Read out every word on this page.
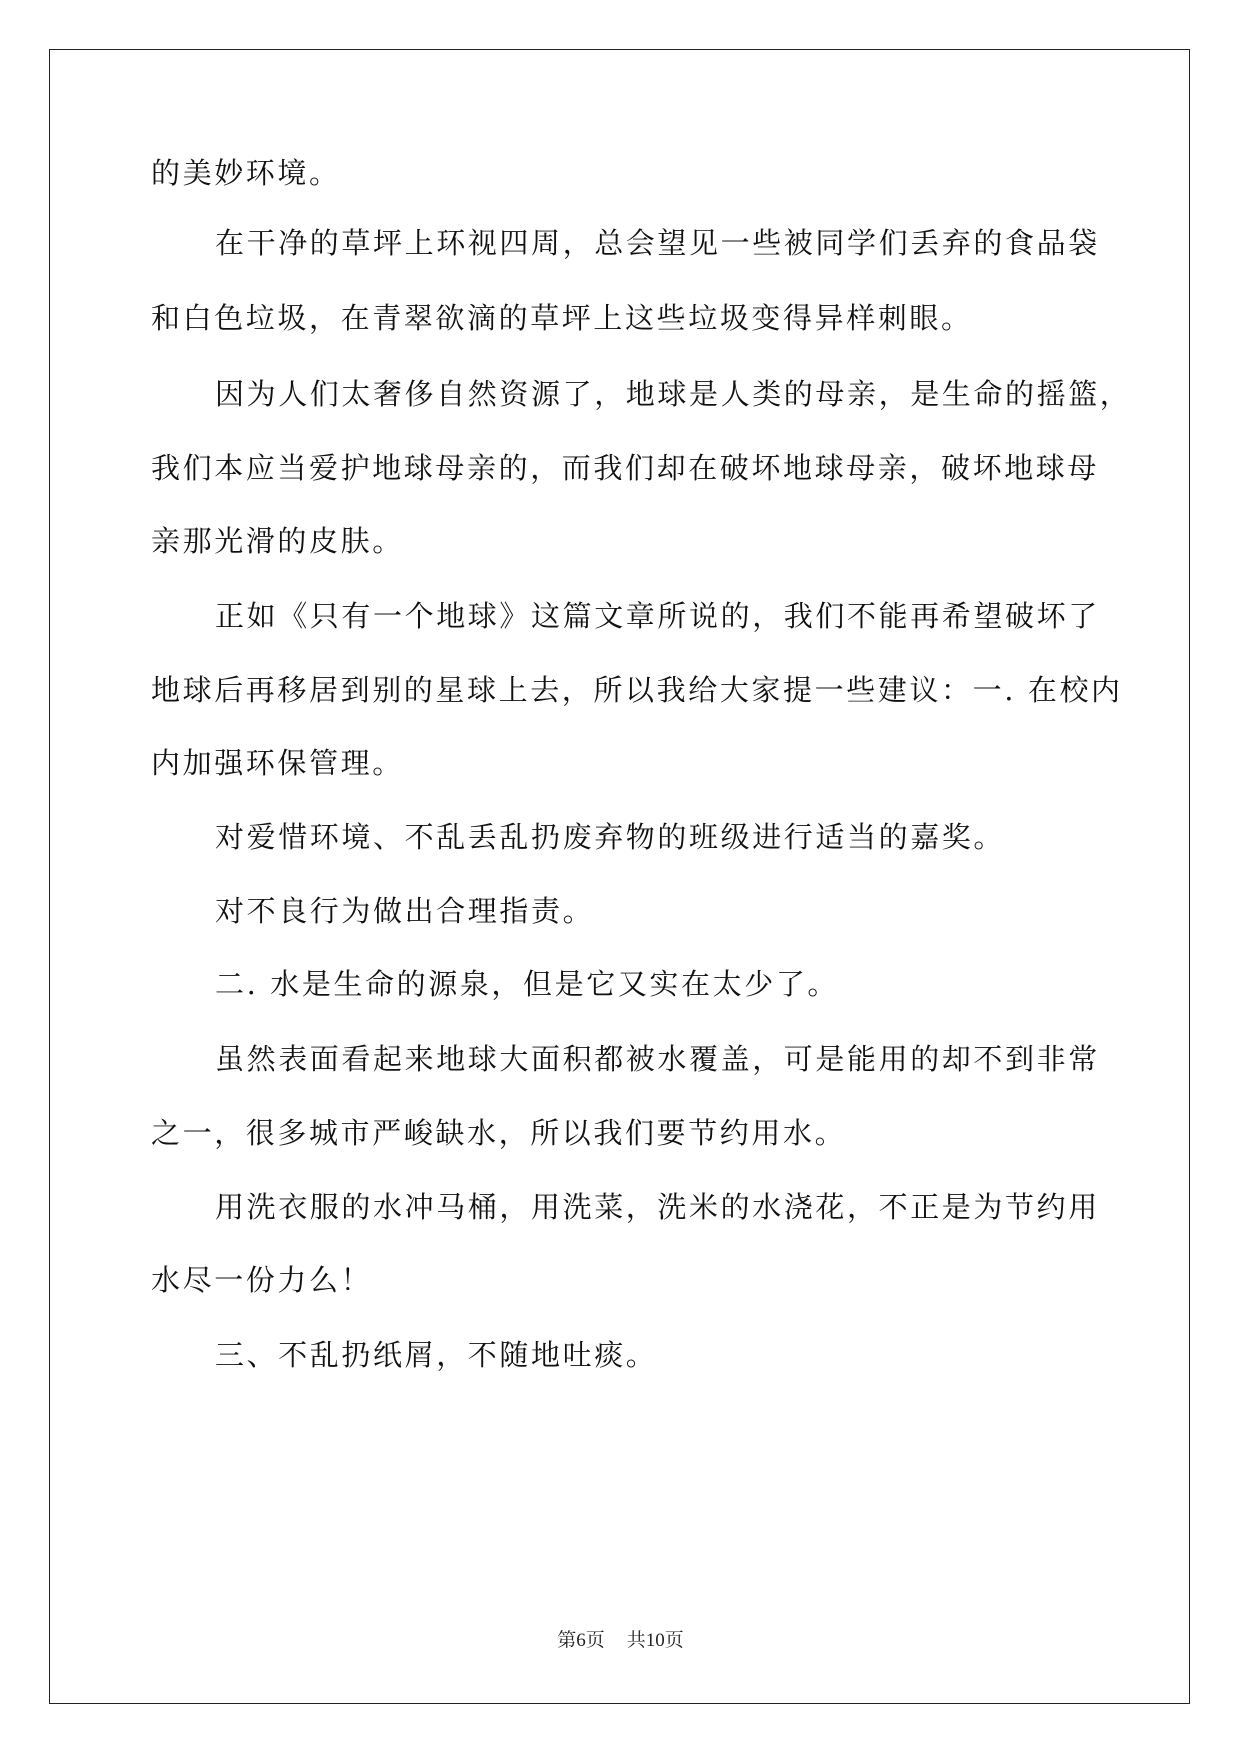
的美妙环境。
在干净的草坪上环视四周，总会望见一些被同学们丢弃的食品袋
和白色垃圾，在青翠欲滴的草坪上这些垃圾变得异样刺眼。
因为人们太奢侈自然资源了，地球是人类的母亲，是生命的摇篮，
我们本应当爱护地球母亲的，而我们却在破坏地球母亲，破坏地球母
亲那光滑的皮肤。
正如《只有一个地球》这篇文章所说的，我们不能再希望破坏了
地球后再移居到别的星球上去，所以我给大家提一些建议：一. 在校内
内加强环保管理。
对爱惜环境、不乱丢乱扔废弃物的班级进行适当的嘉奖。
对不良行为做出合理指责。
二. 水是生命的源泉，但是它又实在太少了。
虽然表面看起来地球大面积都被水覆盖，可是能用的却不到非常
之一，很多城市严峻缺水，所以我们要节约用水。
用洗衣服的水冲马桶，用洗菜，洗米的水浇花，不正是为节约用
水尽一份力么！
三、不乱扔纸屑，不随地吐痰。
第6页 共10页
